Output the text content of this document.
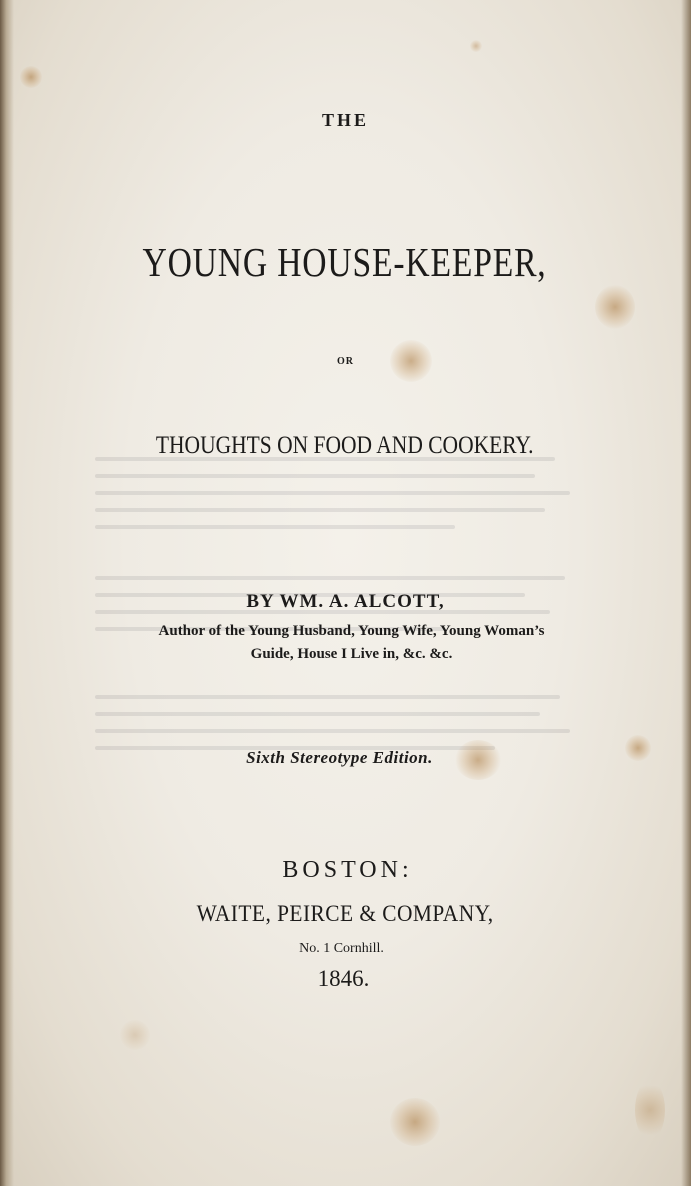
THE
YOUNG HOUSE-KEEPER,
OR
THOUGHTS ON FOOD AND COOKERY.
BY WM. A. ALCOTT,
Author of the Young Husband, Young Wife, Young Woman’s
Guide, House I Live in, &c. &c.
Sixth Stereotype Edition.
BOSTON:
WAITE, PEIRCE & COMPANY,
No. 1 Cornhill.
1846.
